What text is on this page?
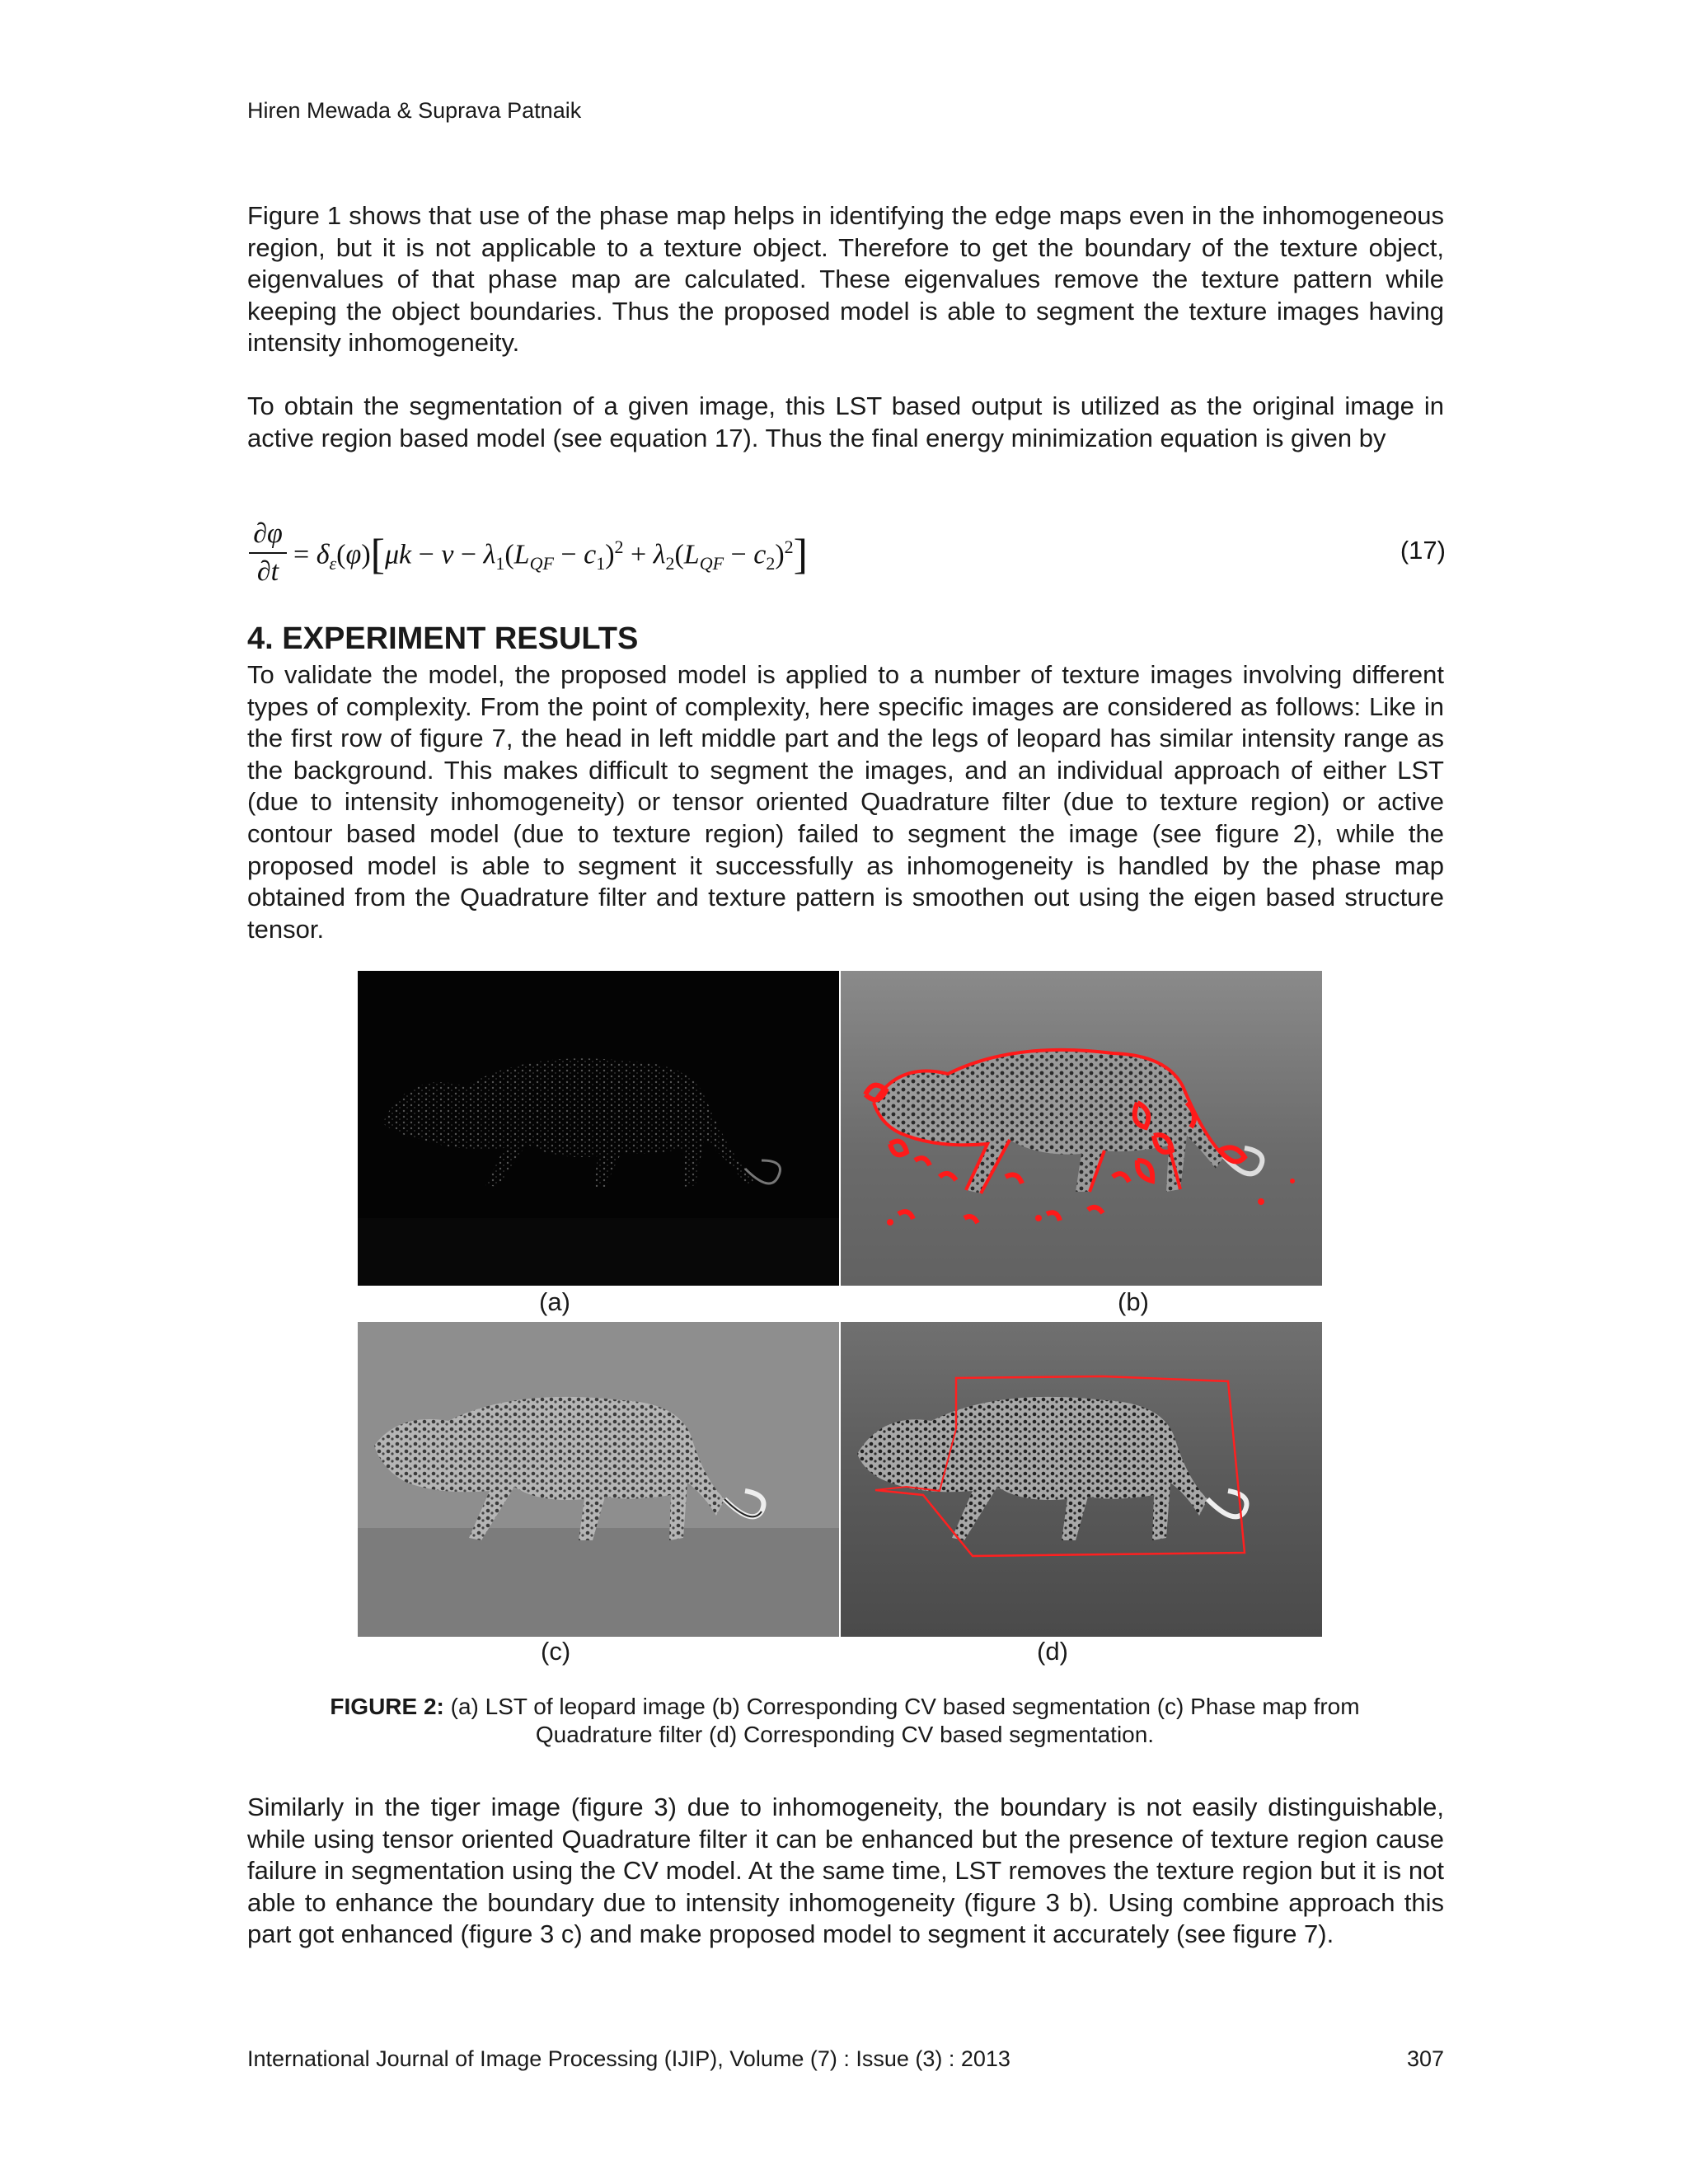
Hiren Mewada & Suprava Patnaik

Figure 1 shows that use of the phase map helps in identifying the edge maps even in the inhomogeneous region, but it is not applicable to a texture object. Therefore to get the boundary of the texture object, eigenvalues of that phase map are calculated. These eigenvalues remove the texture pattern while keeping the object boundaries. Thus the proposed model is able to segment the texture images having intensity inhomogeneity.

To obtain the segmentation of a given image, this LST based output is utilized as the original image in active region based model (see equation 17). Thus the final energy minimization equation is given by

∂φ
∂t
= $\delta_\varepsilon(\varphi)[\mu k - v - \lambda_1(L_{QF} - c_1)^2 + \lambda_2(L_{QF} - c_2)^2]$	(17)
4. EXPERIMENT RESULTS

To validate the model, the proposed model is applied to a number of texture images involving different types of complexity. From the point of complexity, here specific images are considered as follows: Like in the first row of figure 7, the head in left middle part and the legs of leopard has similar intensity range as the background. This makes difficult to segment the images, and an individual approach of either LST (due to intensity inhomogeneity) or tensor oriented Quadrature filter (due to texture region) or active contour based model (due to texture region) failed to segment the image (see figure 2), while the proposed model is able to segment it successfully as inhomogeneity is handled by the phase map obtained from the Quadrature filter and texture pattern is smoothen out using the eigen based structure tensor.

(a)	(b)
(c)	(d)

FIGURE 2: (a) LST of leopard image (b) Corresponding CV based segmentation (c) Phase map from Quadrature filter (d) Corresponding CV based segmentation.

Similarly in the tiger image (figure 3) due to inhomogeneity, the boundary is not easily distinguishable, while using tensor oriented Quadrature filter it can be enhanced but the presence of texture region cause failure in segmentation using the CV model. At the same time, LST removes the texture region but it is not able to enhance the boundary due to intensity inhomogeneity (figure 3 b). Using combine approach this part got enhanced (figure 3 c) and make proposed model to segment it accurately (see figure 7).

International Journal of Image Processing (IJIP), Volume (7) : Issue (3) : 2013	307
